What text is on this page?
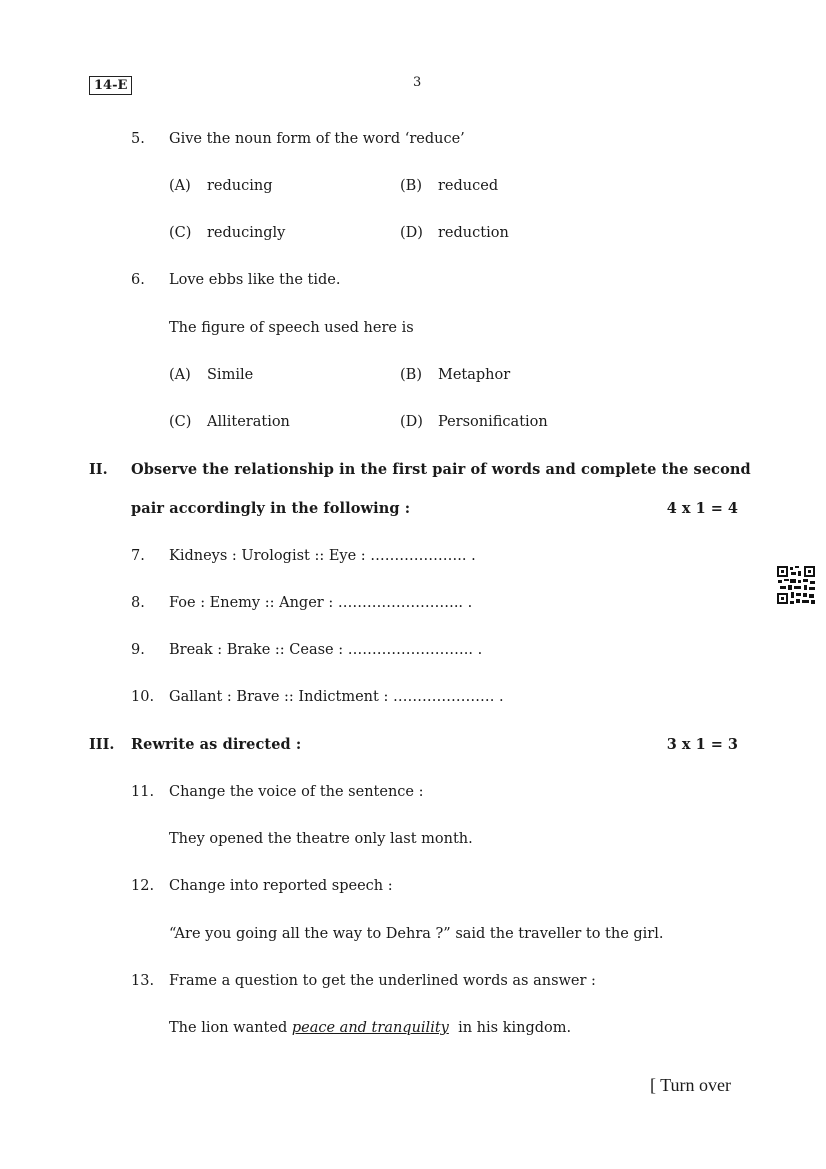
14-E	3
5. Give the noun form of the word ‘reduce’
(A) reducing	(B) reduced
(C) reducingly	(D) reduction
6. Love ebbs like the tide.
The figure of speech used here is
(A) Simile	(B) Metaphor
(C) Alliteration	(D) Personification
II. Observe the relationship in the first pair of words and complete the second
pair accordingly in the following :	4 x 1 = 4
7. Kidneys : Urologist :: Eye : ……………….. .
8. Foe : Enemy :: Anger : …………………….. .
9. Break : Brake :: Cease : …………………….. .
10. Gallant : Brave :: Indictment : ………………… .
III. Rewrite as directed :	3 x 1 = 3
11. Change the voice of the sentence :
They opened the theatre only last month.
12. Change into reported speech :
“Are you going all the way to Dehra ?” said the traveller to the girl.
13. Frame a question to get the underlined words as answer :
The lion wanted peace and tranquility  in his kingdom.
[ Turn over
